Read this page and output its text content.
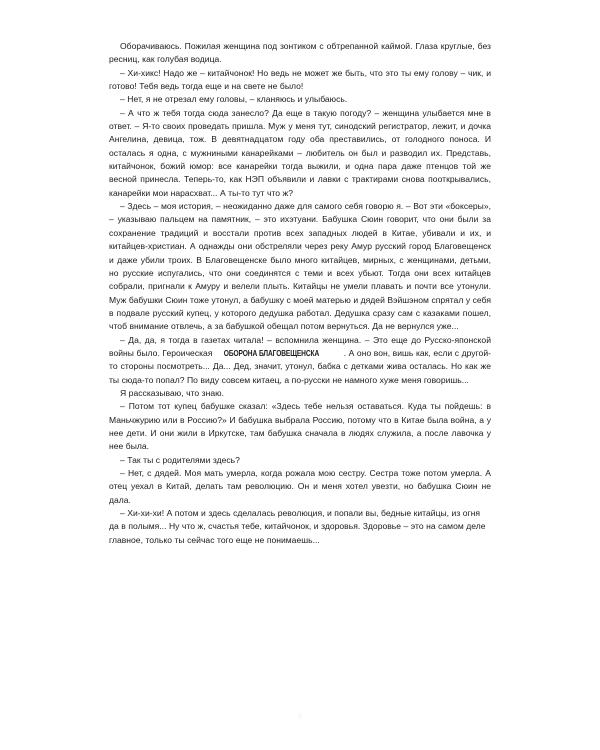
Оборачиваюсь. Пожилая женщина под зонтиком с обтрепанной каймой. Глаза круглые, без ресниц, как голубая водица.

– Хи-хикс! Надо же – китайчонок! Но ведь не может же быть, что это ты ему голову – чик, и готово! Тебя ведь тогда еще и на свете не было!

– Нет, я не отрезал ему головы, – кланяюсь и улыбаюсь.

– А что ж тебя тогда сюда занесло? Да еще в такую погоду? – женщина улыбается мне в ответ. – Я-то своих проведать пришла. Муж у меня тут, синодский регистратор, лежит, и дочка Ангелина, девица, тож. В девятнадцатом году оба преставились, от голодного поноса. И осталась я одна, с мужниными канарейками – любитель он был и разводил их. Представь, китайчонок, божий юмор: все канарейки тогда выжили, и одна пара даже птенцов той же весной принесла. Теперь-то, как НЭП объявили и лавки с трактирами снова пооткрывались, канарейки мои нарасхват... А ты-то тут что ж?

– Здесь – моя история, – неожиданно даже для самого себя говорю я. – Вот эти «боксеры», – указываю пальцем на памятник, – это ихэтуани. Бабушка Сюин говорит, что они были за сохранение традиций и восстали против всех западных людей в Китае, убивали и их, и китайцев-христиан. А однажды они обстреляли через реку Амур русский город Благовещенск и даже убили троих. В Благовещенске было много китайцев, мирных, с женщинами, детьми, но русские испугались, что они соединятся с теми и всех убьют. Тогда они всех китайцев собрали, пригнали к Амуру и велели плыть. Китайцы не умели плавать и почти все утонули. Муж бабушки Сюин тоже утонул, а бабушку с моей матерью и дядей Вэйшэном спрятал у себя в подвале русский купец, у которого дедушка работал. Дедушка сразу сам с казаками пошел, чтоб внимание отвлечь, а за бабушкой обещал потом вернуться. Да не вернулся уже...

– Да, да, я тогда в газетах читала! – вспомнила женщина. – Это еще до Русско-японской войны было. Героическая ОБОРОНА БЛАГОВЕЩЕНСКА	. А оно вон, вишь как, если с другой-то стороны посмотреть... Да... Дед, значит, утонул, бабка с детками жива осталась. Но как же ты сюда-то попал? По виду совсем китаец, а по-русски не намного хуже меня говоришь...

Я рассказываю, что знаю.

– Потом тот купец бабушке сказал: «Здесь тебе нельзя оставаться. Куда ты пойдешь: в Маньчжурию или в Россию?» И бабушка выбрала Россию, потому что в Китае была война, а у нее дети. И они жили в Иркутске, там бабушка сначала в людях служила, а после лавочка у нее была.

– Так ты с родителями здесь?

– Нет, с дядей. Моя мать умерла, когда рожала мою сестру. Сестра тоже потом умерла. А отец уехал в Китай, делать там революцию. Он и меня хотел увезти, но бабушка Сюин не дала.

– Хи-хи-хи! А потом и здесь сделалась революция, и попали вы, бедные китайцы, из огня да в полымя... Ну что ж, счастья тебе, китайчонок, и здоровья. Здоровье – это на самом деле главное, только ты сейчас того еще не понимаешь...

6
